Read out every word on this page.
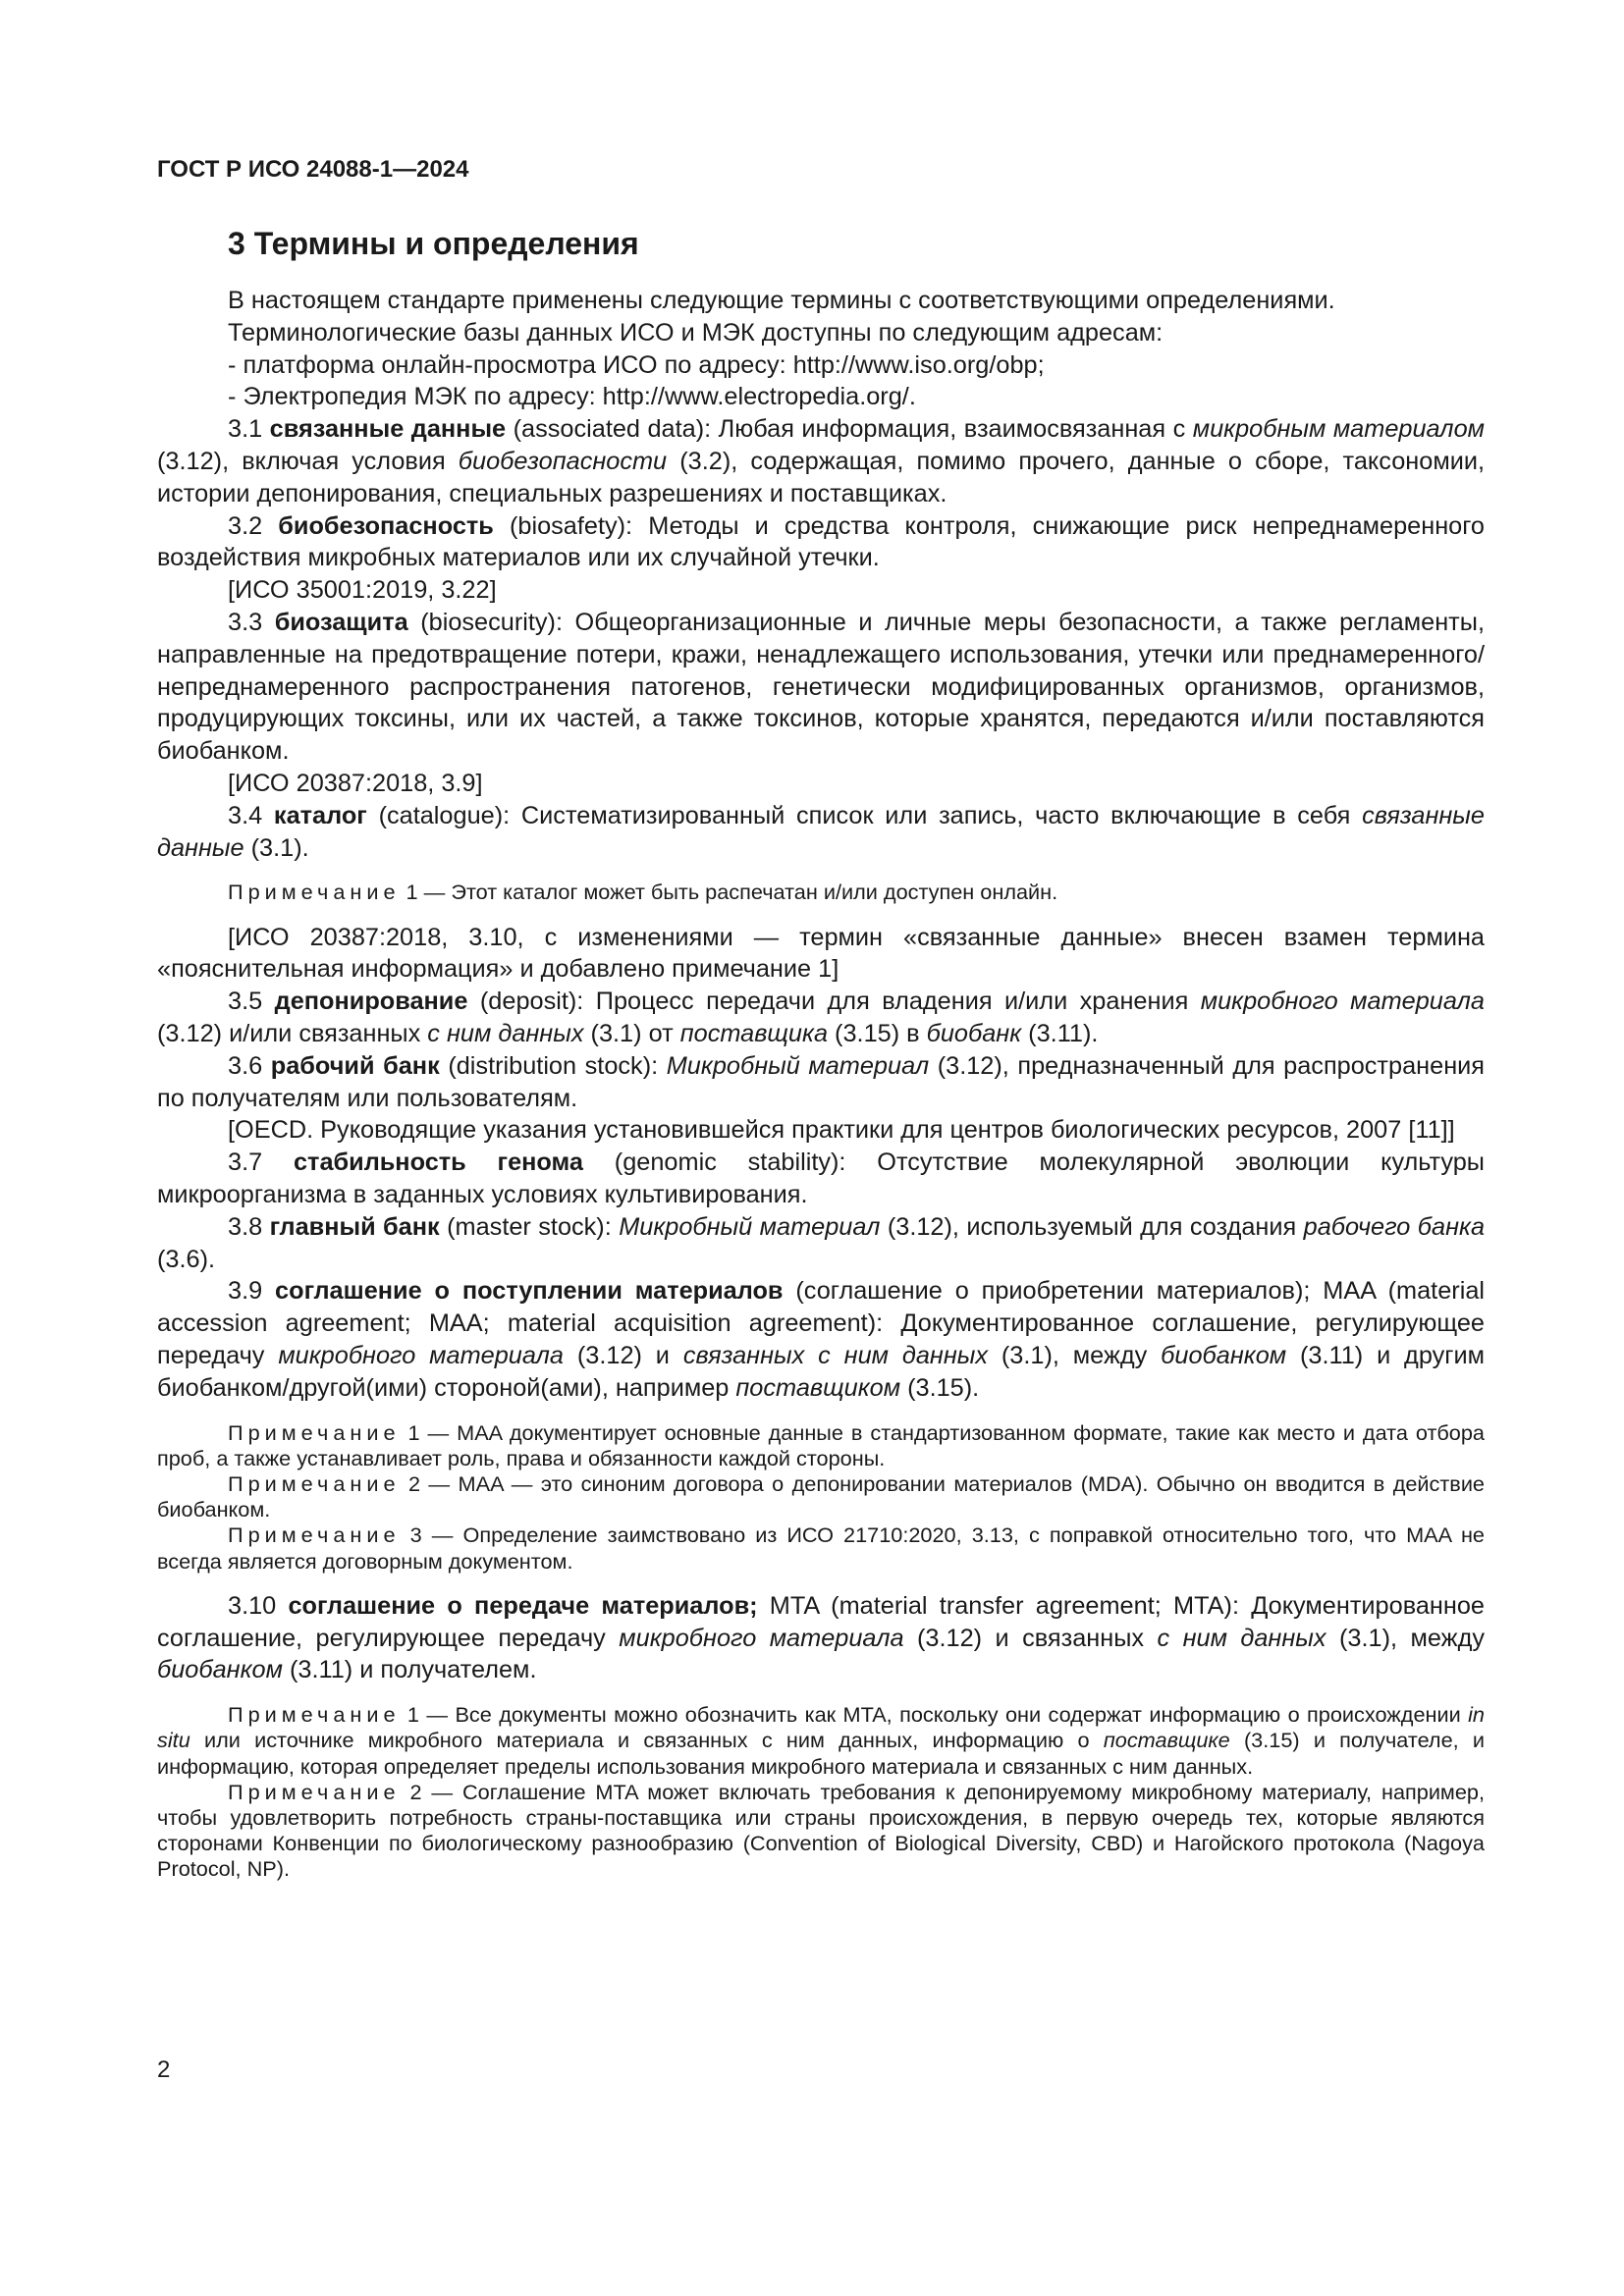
ГОСТ Р ИСО 24088-1—2024
3 Термины и определения

В настоящем стандарте применены следующие термины с соответствующими определениями.

Терминологические базы данных ИСО и МЭК доступны по следующим адресам:

- платформа онлайн-просмотра ИСО по адресу: http://www.iso.org/obp;

- Электропедия МЭК по адресу: http://www.electropedia.org/.

3.1 связанные данные (associated data): Любая информация, взаимосвязанная с микробным материалом (3.12), включая условия биобезопасности (3.2), содержащая, помимо прочего, данные о сборе, таксономии, истории депонирования, специальных разрешениях и поставщиках.

3.2 биобезопасность (biosafety): Методы и средства контроля, снижающие риск непреднамеренного воздействия микробных материалов или их случайной утечки.

[ИСО 35001:2019, 3.22]

3.3 биозащита (biosecurity): Общеорганизационные и личные меры безопасности, а также регламенты, направленные на предотвращение потери, кражи, ненадлежащего использования, утечки или преднамеренного/непреднамеренного распространения патогенов, генетически модифицированных организмов, организмов, продуцирующих токсины, или их частей, а также токсинов, которые хранятся, передаются и/или поставляются биобанком.

[ИСО 20387:2018, 3.9]

3.4 каталог (catalogue): Систематизированный список или запись, часто включающие в себя связанные данные (3.1).

Примечание 1 — Этот каталог может быть распечатан и/или доступен онлайн.

[ИСО 20387:2018, 3.10, с изменениями — термин «связанные данные» внесен взамен термина «пояснительная информация» и добавлено примечание 1]

3.5 депонирование (deposit): Процесс передачи для владения и/или хранения микробного материала (3.12) и/или связанных с ним данных (3.1) от поставщика (3.15) в биобанк (3.11).

3.6 рабочий банк (distribution stock): Микробный материал (3.12), предназначенный для распространения по получателям или пользователям.

[OECD. Руководящие указания установившейся практики для центров биологических ресурсов, 2007 [11]]

3.7 стабильность генома (genomic stability): Отсутствие молекулярной эволюции культуры микроорганизма в заданных условиях культивирования.

3.8 главный банк (master stock): Микробный материал (3.12), используемый для создания рабочего банка (3.6).

3.9 соглашение о поступлении материалов (соглашение о приобретении материалов); MAA (material accession agreement; MAA; material acquisition agreement): Документированное соглашение, регулирующее передачу микробного материала (3.12) и связанных с ним данных (3.1), между биобанком (3.11) и другим биобанком/другой(ими) стороной(ами), например поставщиком (3.15).

Примечание 1 — MAA документирует основные данные в стандартизованном формате, такие как место и дата отбора проб, а также устанавливает роль, права и обязанности каждой стороны.

Примечание 2 — MAA — это синоним договора о депонировании материалов (MDA). Обычно он вводится в действие биобанком.

Примечание 3 — Определение заимствовано из ИСО 21710:2020, 3.13, с поправкой относительно того, что MAA не всегда является договорным документом.

3.10 соглашение о передаче материалов; MTA (material transfer agreement; MTA): Документированное соглашение, регулирующее передачу микробного материала (3.12) и связанных с ним данных (3.1), между биобанком (3.11) и получателем.

Примечание 1 — Все документы можно обозначить как MTA, поскольку они содержат информацию о происхождении in situ или источнике микробного материала и связанных с ним данных, информацию о поставщике (3.15) и получателе, и информацию, которая определяет пределы использования микробного материала и связанных с ним данных.

Примечание 2 — Соглашение MTA может включать требования к депонируемому микробному материалу, например, чтобы удовлетворить потребность страны-поставщика или страны происхождения, в первую очередь тех, которые являются сторонами Конвенции по биологическому разнообразию (Convention of Biological Diversity, CBD) и Нагойского протокола (Nagoya Protocol, NP).

2
